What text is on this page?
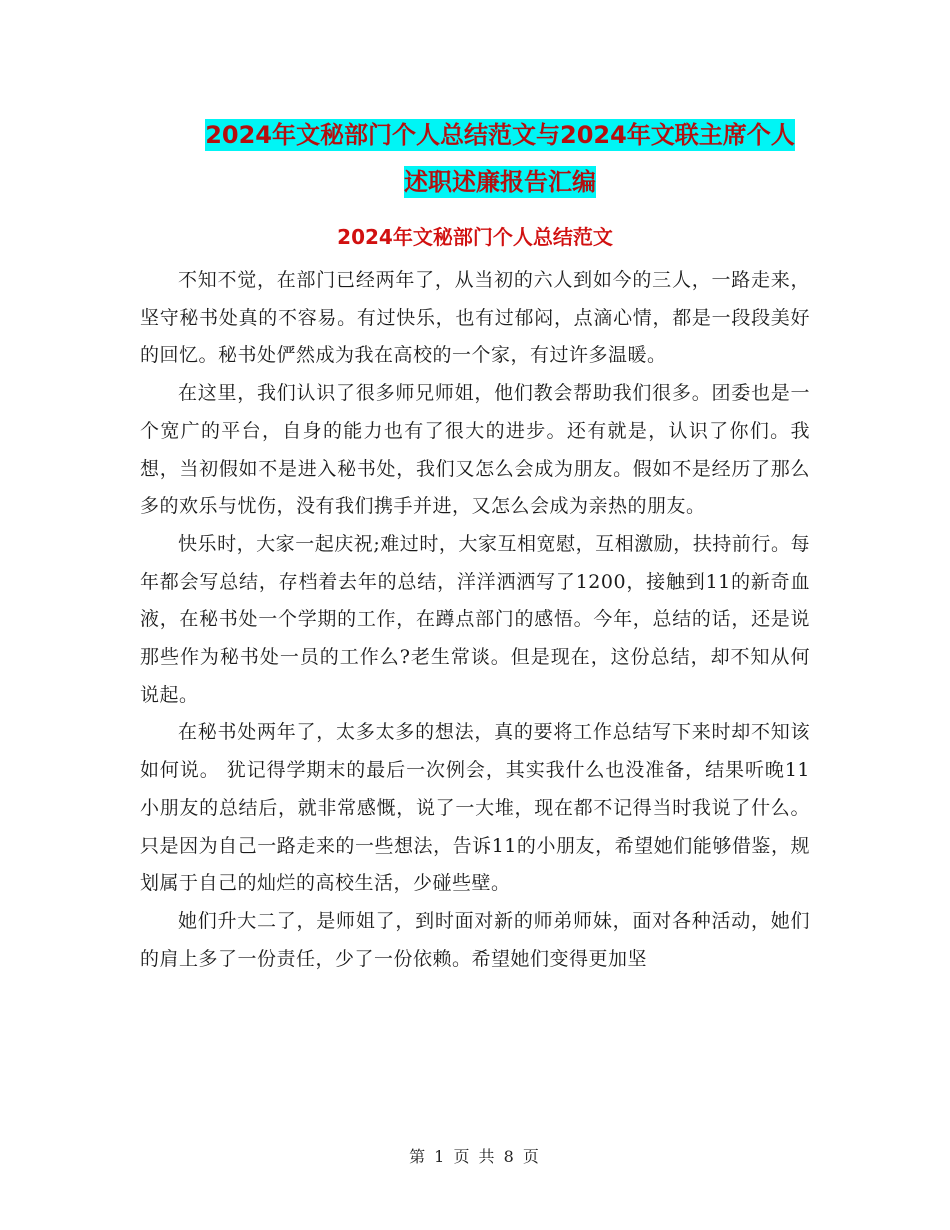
2024年文秘部门个人总结范文与2024年文联主席个人
述职述廉报告汇编
2024年文秘部门个人总结范文

不知不觉，在部门已经两年了，从当初的六人到如今的三人，一路走来，坚守秘书处真的不容易。有过快乐，也有过郁闷，点滴心情，都是一段段美好的回忆。秘书处俨然成为我在高校的一个家，有过许多温暖。

在这里，我们认识了很多师兄师姐，他们教会帮助我们很多。团委也是一个宽广的平台，自身的能力也有了很大的进步。还有就是，认识了你们。我想，当初假如不是进入秘书处，我们又怎么会成为朋友。假如不是经历了那么多的欢乐与忧伤，没有我们携手并进，又怎么会成为亲热的朋友。

快乐时，大家一起庆祝;难过时，大家互相宽慰，互相激励，扶持前行。每年都会写总结，存档着去年的总结，洋洋洒洒写了1200，接触到11的新奇血液，在秘书处一个学期的工作，在蹲点部门的感悟。今年，总结的话，还是说那些作为秘书处一员的工作么?老生常谈。但是现在，这份总结，却不知从何说起。

在秘书处两年了，太多太多的想法，真的要将工作总结写下来时却不知该如何说。 犹记得学期末的最后一次例会，其实我什么也没准备，结果听晚11小朋友的总结后，就非常感慨，说了一大堆，现在都不记得当时我说了什么。只是因为自己一路走来的一些想法，告诉11的小朋友，希望她们能够借鉴，规划属于自己的灿烂的高校生活，少碰些壁。

她们升大二了，是师姐了，到时面对新的师弟师妹，面对各种活动，她们的肩上多了一份责任，少了一份依赖。希望她们变得更加坚

第 1 页 共 8 页
